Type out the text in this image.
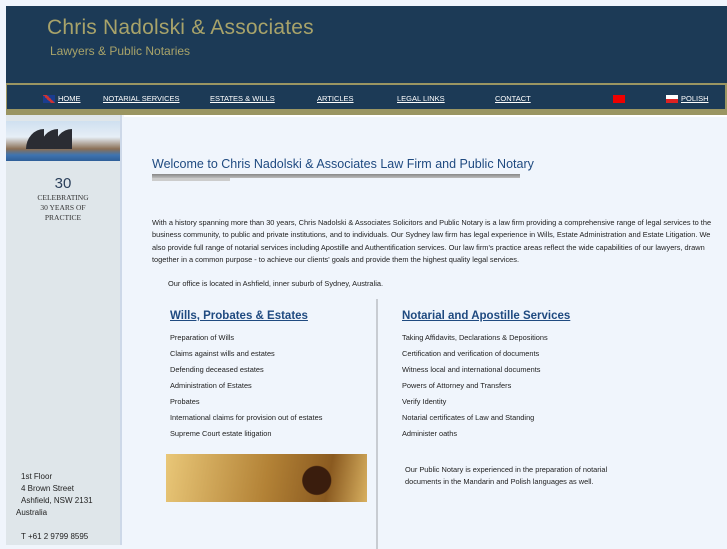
Chris Nadolski & Associates
Lawyers & Public Notaries
HOME	NOTARIAL SERVICES	ESTATES & WILLS	ARTICLES	LEGAL LINKS	CONTACT	POLISH
30
CELEBRATING
30 YEARS OF
PRACTICE
1st Floor
4 Brown Street
Ashfield, NSW 2131
Australia
T +61 2 9799 8595
Welcome to Chris Nadolski & Associates Law Firm and Public Notary

With a history spanning more than 30 years, Chris Nadolski & Associates Solicitors and Public Notary is a law firm providing a comprehensive range of legal services to the business community, to public and private institutions, and to individuals. Our Sydney law firm has legal experience in Wills, Estate Administration and Estate Litigation. We also provide full range of notarial services including Apostille and Authentification services. Our law firm's practice areas reflect the wide capabilities of our lawyers, drawn together in a common purpose - to achieve our clients' goals and provide them the highest quality legal services.

Our office is located in Ashfield, inner suburb of Sydney, Australia.

Wills, Probates & Estates
Preparation of Wills
Claims against wills and estates
Defending deceased estates
Administration of Estates
Probates
International claims for provision out of estates
Supreme Court estate litigation
Notarial and Apostille Services
Taking Affidavits, Declarations & Depositions
Certification and verification of documents
Witness local and international documents
Powers of Attorney and Transfers
Verify Identity
Notarial certificates of Law and Standing
Administer oaths

Our Public Notary is experienced in the preparation of notarial documents in the Mandarin and Polish languages as well.
